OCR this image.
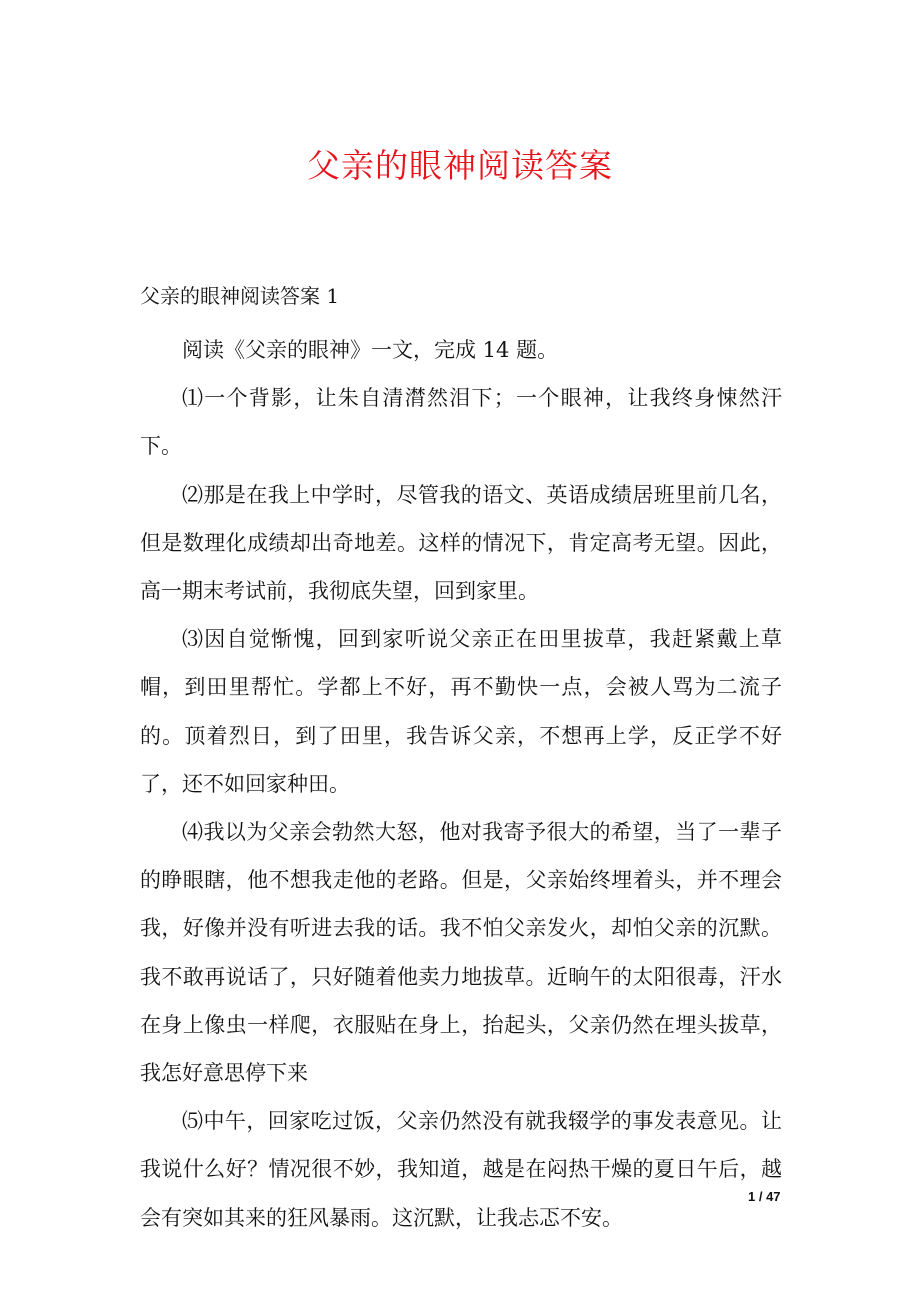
父亲的眼神阅读答案
父亲的眼神阅读答案 1

阅读《父亲的眼神》一文，完成 14 题。

⑴一个背影，让朱自清潸然泪下；一个眼神，让我终身悚然汗下。

⑵那是在我上中学时，尽管我的语文、英语成绩居班里前几名，但是数理化成绩却出奇地差。这样的情况下，肯定高考无望。因此，高一期末考试前，我彻底失望，回到家里。

⑶因自觉惭愧，回到家听说父亲正在田里拔草，我赶紧戴上草帽，到田里帮忙。学都上不好，再不勤快一点，会被人骂为二流子的。顶着烈日，到了田里，我告诉父亲，不想再上学，反正学不好了，还不如回家种田。

⑷我以为父亲会勃然大怒，他对我寄予很大的希望，当了一辈子的睁眼瞎，他不想我走他的老路。但是，父亲始终埋着头，并不理会我，好像并没有听进去我的话。我不怕父亲发火，却怕父亲的沉默。我不敢再说话了，只好随着他卖力地拔草。近晌午的太阳很毒，汗水在身上像虫一样爬，衣服贴在身上，抬起头，父亲仍然在埋头拔草，我怎好意思停下来

⑸中午，回家吃过饭，父亲仍然没有就我辍学的事发表意见。让我说什么好？情况很不妙，我知道，越是在闷热干燥的夏日午后，越会有突如其来的狂风暴雨。这沉默，让我忐忑不安。

1 / 47
